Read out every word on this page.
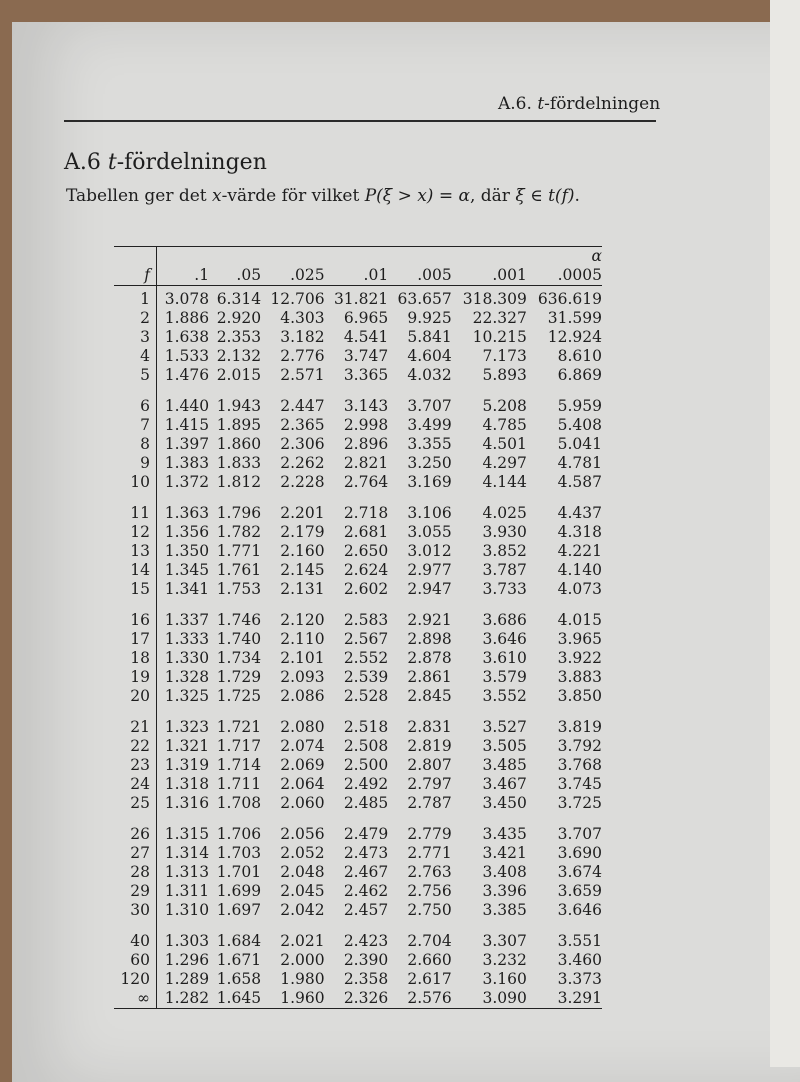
A.6. t-fördelningen
A.6 t-fördelningen
Tabellen ger det x-värde för vilket P(ξ > x) = α, där ξ ∈ t(f).
	α						
f	.1	.05	.025	.01	.005	.001	.0005
1	3.078	6.314	12.706	31.821	63.657	318.309	636.619
2	1.886	2.920	4.303	6.965	9.925	22.327	31.599
3	1.638	2.353	3.182	4.541	5.841	10.215	12.924
4	1.533	2.132	2.776	3.747	4.604	7.173	8.610
5	1.476	2.015	2.571	3.365	4.032	5.893	6.869
6	1.440	1.943	2.447	3.143	3.707	5.208	5.959
7	1.415	1.895	2.365	2.998	3.499	4.785	5.408
8	1.397	1.860	2.306	2.896	3.355	4.501	5.041
9	1.383	1.833	2.262	2.821	3.250	4.297	4.781
10	1.372	1.812	2.228	2.764	3.169	4.144	4.587
11	1.363	1.796	2.201	2.718	3.106	4.025	4.437
12	1.356	1.782	2.179	2.681	3.055	3.930	4.318
13	1.350	1.771	2.160	2.650	3.012	3.852	4.221
14	1.345	1.761	2.145	2.624	2.977	3.787	4.140
15	1.341	1.753	2.131	2.602	2.947	3.733	4.073
16	1.337	1.746	2.120	2.583	2.921	3.686	4.015
17	1.333	1.740	2.110	2.567	2.898	3.646	3.965
18	1.330	1.734	2.101	2.552	2.878	3.610	3.922
19	1.328	1.729	2.093	2.539	2.861	3.579	3.883
20	1.325	1.725	2.086	2.528	2.845	3.552	3.850
21	1.323	1.721	2.080	2.518	2.831	3.527	3.819
22	1.321	1.717	2.074	2.508	2.819	3.505	3.792
23	1.319	1.714	2.069	2.500	2.807	3.485	3.768
24	1.318	1.711	2.064	2.492	2.797	3.467	3.745
25	1.316	1.708	2.060	2.485	2.787	3.450	3.725
26	1.315	1.706	2.056	2.479	2.779	3.435	3.707
27	1.314	1.703	2.052	2.473	2.771	3.421	3.690
28	1.313	1.701	2.048	2.467	2.763	3.408	3.674
29	1.311	1.699	2.045	2.462	2.756	3.396	3.659
30	1.310	1.697	2.042	2.457	2.750	3.385	3.646
40	1.303	1.684	2.021	2.423	2.704	3.307	3.551
60	1.296	1.671	2.000	2.390	2.660	3.232	3.460
120	1.289	1.658	1.980	2.358	2.617	3.160	3.373
∞	1.282	1.645	1.960	2.326	2.576	3.090	3.291
